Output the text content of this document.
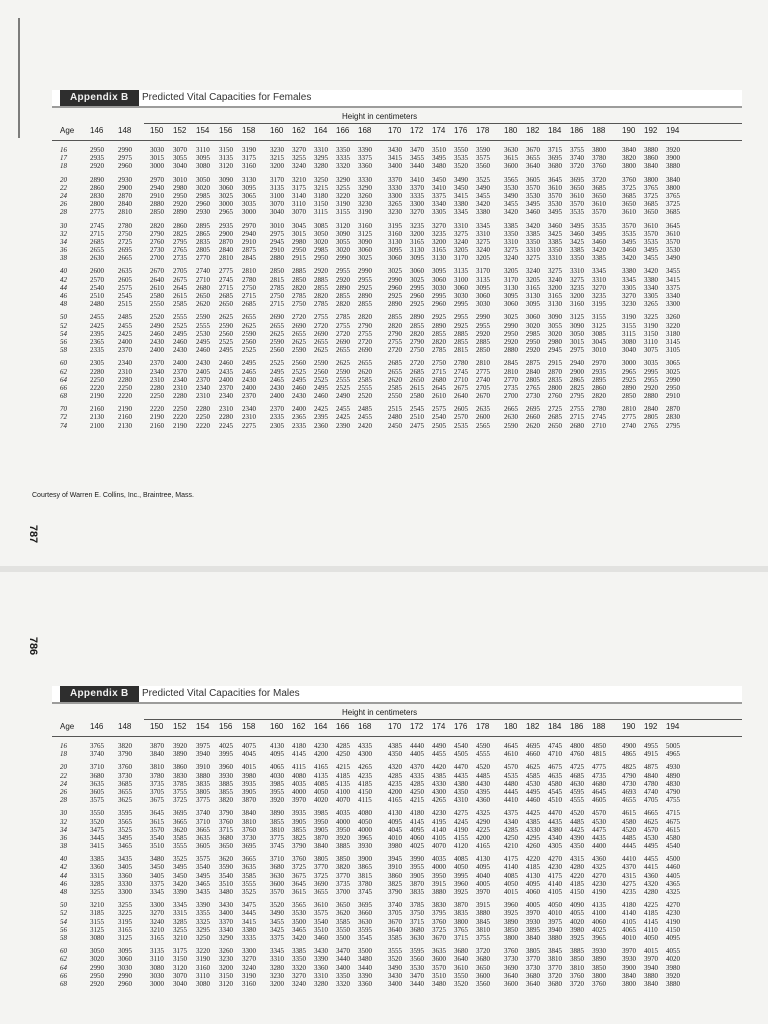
Appendix B	Predicted Vital Capacities for Females
Height in centimeters
Age 146 148 150 152 154 156 158 160 162 164 166 168 170 172 174 176 178 180 182 184 186 188 190 192 194
16	2950 2990	3030 3070 3110 3150 3190 3230 3270 3310 3350 3390 3430 3470 3510 3550 3590 3630 3670 3715 3755 3800 3840 3880 3920
17	2935 2975	3015 3055 3095 3135 3175 3215 3255 3295 3335 3375 3415 3455 3495 3535 3575 3615 3655 3695 3740 3780 3820 3860 3900
18	2920 2960	3000 3040 3080 3120 3160 3200 3240 3280 3320 3360 3400 3440 3480 3520 3560 3600 3640 3680 3720 3760 3800 3840 3880
20	2890 2930	2970 3010 3050 3090 3130 3170 3210 3250 3290 3330 3370 3410 3450 3490 3525 3565 3605 3645 3695 3720 3760 3800 3840
22	2860 2900	2940 2980 3020 3060 3095 3135 3175 3215 3255 3290 3330 3370 3410 3450 3490 3530 3570 3610 3650 3685 3725 3765 3800
24	2830 2870	2910 2950 2985 3025 3065 3100 3140 3180 3220 3260 3300 3335 3375 3415 3455 3490 3530 3570 3610 3650 3685 3725 3765
26	2800 2840	2880 2920 2960 3000 3035 3070 3110 3150 3190 3230 3265 3300 3340 3380 3420 3455 3495 3530 3570 3610 3650 3685 3725
28	2775 2810	2850 2890 2930 2965 3000 3040 3070 3115 3155 3190 3230 3270 3305 3345 3380 3420 3460 3495 3535 3570 3610 3650 3685
30	2745 2780	2820 2860 2895 2935 2970 3010 3045 3085 3120 3160 3195 3235 3270 3310 3345 3385 3420 3460 3495 3535 3570 3610 3645
32	2715 2750	2790 2825 2865 2900 2940 2975 3015 3050 3090 3125 3160 3200 3235 3275 3310 3350 3385 3425 3460 3495 3535 3570 3610
34	2685 2725	2760 2795 2835 2870 2910 2945 2980 3020 3055 3090 3130 3165 3200 3240 3275 3310 3350 3385 3425 3460 3495 3535 3570
36	2655 2695	2730 2765 2805 2840 2875 2910 2950 2985 3020 3060 3095 3130 3165 3205 3240 3275 3310 3350 3385 3420 3460 3495 3530
38	2630 2665	2700 2735 2770 2810 2845 2880 2915 2950 2990 3025 3060 3095 3130 3170 3205 3240 3275 3310 3350 3385 3420 3455 3490
40	2600 2635	2670 2705 2740 2775 2810 2850 2885 2920 2955 2990 3025 3060 3095 3135 3170 3205 3240 3275 3310 3345 3380 3420 3455
42	2570 2605	2640 2675 2710 2745 2780 2815 2850 2885 2920 2955 2990 3025 3060 3100 3135 3170 3205 3240 3275 3310 3345 3380 3415
44	2540 2575	2610 2645 2680 2715 2750 2785 2820 2855 2890 2925 2960 2995 3030 3060 3095 3130 3165 3200 3235 3270 3305 3340 3375
46	2510 2545	2580 2615 2650 2685 2715 2750 2785 2820 2855 2890 2925 2960 2995 3030 3060 3095 3130 3165 3200 3235 3270 3305 3340
48	2480 2515	2550 2585 2620 2650 2685 2715 2750 2785 2820 2855 2890 2925 2960 2995 3030 3060 3095 3130 3160 3195 3230 3265 3300
50	2455 2485	2520 2555 2590 2625 2655 2690 2720 2755 2785 2820 2855 2890 2925 2955 2990 3025 3060 3090 3125 3155 3190 3225 3260
52	2425 2455	2490 2525 2555 2590 2625 2655 2690 2720 2755 2790 2820 2855 2890 2925 2955 2990 3020 3055 3090 3125 3155 3190 3220
54	2395 2425	2460 2495 2530 2560 2590 2625 2655 2690 2720 2755 2790 2820 2855 2885 2920 2950 2985 3020 3050 3085 3115 3150 3180
56	2365 2400	2430 2460 2495 2525 2560 2590 2625 2655 2690 2720 2755 2790 2820 2855 2885 2920 2950 2980 3015 3045 3080 3110 3145
58	2335 2370	2400 2430 2460 2495 2525 2560 2590 2625 2655 2690 2720 2750 2785 2815 2850 2880 2920 2945 2975 3010 3040 3075 3105
60	2305 2340	2370 2400 2430 2460 2495 2525 2560 2590 2625 2655 2685 2720 2750 2780 2810 2845 2875 2915 2940 2970 3000 3035 3065
62	2280 2310	2340 2370 2405 2435 2465 2495 2525 2560 2590 2620 2655 2685 2715 2745 2775 2810 2840 2870 2900 2935 2965 2995 3025
64	2250 2280	2310 2340 2370 2400 2430 2465 2495 2525 2555 2585 2620 2650 2680 2710 2740 2770 2805 2835 2865 2895 2925 2955 2990
66	2220 2250	2280 2310 2340 2370 2400 2430 2460 2495 2525 2555 2585 2615 2645 2675 2705 2735 2765 2800 2825 2860 2890 2920 2950
68	2190 2220	2250 2280 2310 2340 2370 2400 2430 2460 2490 2520 2550 2580 2610 2640 2670 2700 2730 2760 2795 2820 2850 2880 2910
70	2160 2190	2220 2250 2280 2310 2340 2370 2400 2425 2455 2485 2515 2545 2575 2605 2635 2665 2695 2725 2755 2780 2810 2840 2870
72	2130 2160	2190 2220 2250 2280 2310 2335 2365 2395 2425 2455 2480 2510 2540 2570 2600 2630 2660 2685 2715 2745 2775 2805 2830
74	2100 2130	2160 2190 2220 2245 2275 2305 2335 2360 2390 2420 2450 2475 2505 2535 2565 2590 2620 2650 2680 2710 2740 2765 2795
Courtesy of Warren E. Collins, Inc., Braintree, Mass.
787
786
Appendix B	Predicted Vital Capacities for Males
Height in centimeters
Age 146 148 150 152 154 156 158 160 162 164 166 168 170 172 174 176 178 180 182 184 186 188 190 192 194
16	3765 3820	3870 3920 3975 4025 4075 4130 4180 4230 4285 4335 4385 4440 4490 4540 4590 4645 4695 4745 4800 4850 4900 4955 5005
18	3740 3790	3840 3890 3940 3995 4045 4095 4145 4200 4250 4300 4350 4405 4455 4505 4555 4610 4660 4710 4760 4815 4865 4915 4965
20	3710 3760	3810 3860 3910 3960 4015 4065 4115 4165 4215 4265 4320 4370 4420 4470 4520 4570 4625 4675 4725 4775 4825 4875 4930
22	3680 3730	3780 3830 3880 3930 3980 4030 4080 4135 4185 4235 4285 4335 4385 4435 4485 4535 4585 4635 4685 4735 4790 4840 4890
24	3635 3685	3735 3785 3835 3885 3935 3985 4035 4085 4135 4185 4235 4285 4330 4380 4430 4480 4530 4580 4630 4680 4730 4780 4830
26	3605 3655	3705 3755 3805 3855 3905 3955 4000 4050 4100 4150 4200 4250 4300 4350 4395 4445 4495 4545 4595 4645 4693 4740 4790
28	3575 3625	3675 3725 3775 3820 3870 3920 3970 4020 4070 4115 4165 4215 4265 4310 4360 4410 4460 4510 4555 4605 4655 4705 4755
30	3550 3595	3645 3695 3740 3790 3840 3890 3935 3985 4035 4080 4130 4180 4230 4275 4325 4375 4425 4470 4520 4570 4615 4665 4715
32	3520 3565	3615 3665 3710 3760 3810 3855 3905 3950 4000 4050 4095 4145 4195 4245 4290 4340 4385 4435 4485 4530 4580 4625 4675
34	3475 3525	3570 3620 3665 3715 3760 3810 3855 3905 3950 4000 4045 4095 4140 4190 4225 4285 4330 4380 4425 4475 4520 4570 4615
36	3445 3495	3540 3585 3635 3680 3730 3775 3825 3870 3920 3965 4010 4060 4105 4155 4200 4250 4295 4340 4390 4435 4485 4530 4580
38	3415 3465	3510 3555 3605 3650 3695 3745 3790 3840 3885 3930 3980 4025 4070 4120 4165 4210 4260 4305 4350 4400 4445 4495 4540
40	3385 3435	3480 3525 3575 3620 3665 3710 3760 3805 3850 3900 3945 3990 4035 4085 4130 4175 4220 4270 4315 4360 4410 4455 4500
42	3360 3405	3450 3495 3540 3590 3635 3680 3725 3770 3820 3865 3910 3955 4000 4050 4095 4140 4185 4230 4280 4325 4370 4415 4460
44	3315 3360	3405 3450 3495 3540 3585 3630 3675 3725 3770 3815 3860 3905 3950 3995 4040 4085 4130 4175 4220 4270 4315 4360 4405
46	3285 3330	3375 3420 3465 3510 3555 3600 3645 3690 3735 3780 3825 3870 3915 3960 4005 4050 4095 4140 4185 4230 4275 4320 4365
48	3255 3300	3345 3390 3435 3480 3525 3570 3615 3655 3700 3745 3790 3835 3880 3925 3970 4015 4060 4105 4150 4190 4235 4280 4325
50	3210 3255	3300 3345 3390 3430 3475 3520 3565 3610 3650 3695 3740 3785 3830 3870 3915 3960 4005 4050 4090 4135 4180 4225 4270
52	3185 3225	3270 3315 3355 3400 3445 3490 3530 3575 3620 3660 3705 3750 3795 3835 3880 3925 3970 4010 4055 4100 4140 4185 4230
54	3155 3195	3240 3285 3325 3370 3415 3455 3500 3540 3585 3630 3670 3715 3760 3800 3845 3890 3930 3975 4020 4060 4105 4145 4190
56	3125 3165	3210 3255 3295 3340 3380 3425 3465 3510 3550 3595 3640 3680 3725 3765 3810 3850 3895 3940 3980 4025 4065 4110 4150
58	3080 3125	3165 3210 3250 3290 3335 3375 3420 3460 3500 3545 3585 3630 3670 3715 3755 3800 3840 3880 3925 3965 4010 4050 4095
60	3050 3095	3135 3175 3220 3260 3300 3345 3385 3430 3470 3500 3555 3595 3635 3680 3720 3760 3805 3845 3885 3930 3970 4015 4055
62	3020 3060	3110 3150 3190 3230 3270 3310 3350 3390 3440 3480 3520 3560 3600 3640 3680 3730 3770 3810 3850 3890 3930 3970 4020
64	2990 3030	3080 3120 3160 3200 3240 3280 3320 3360 3400 3440 3490 3530 3570 3610 3650 3690 3730 3770 3810 3850 3900 3940 3980
66	2950 2990	3030 3070 3110 3150 3190 3230 3270 3310 3350 3390 3430 3470 3510 3550 3600 3640 3680 3720 3760 3800 3840 3880 3920
68	2920 2960	3000 3040 3080 3120 3160 3200 3240 3280 3320 3360 3400 3440 3480 3520 3560 3600 3640 3680 3720 3760 3800 3840 3880
